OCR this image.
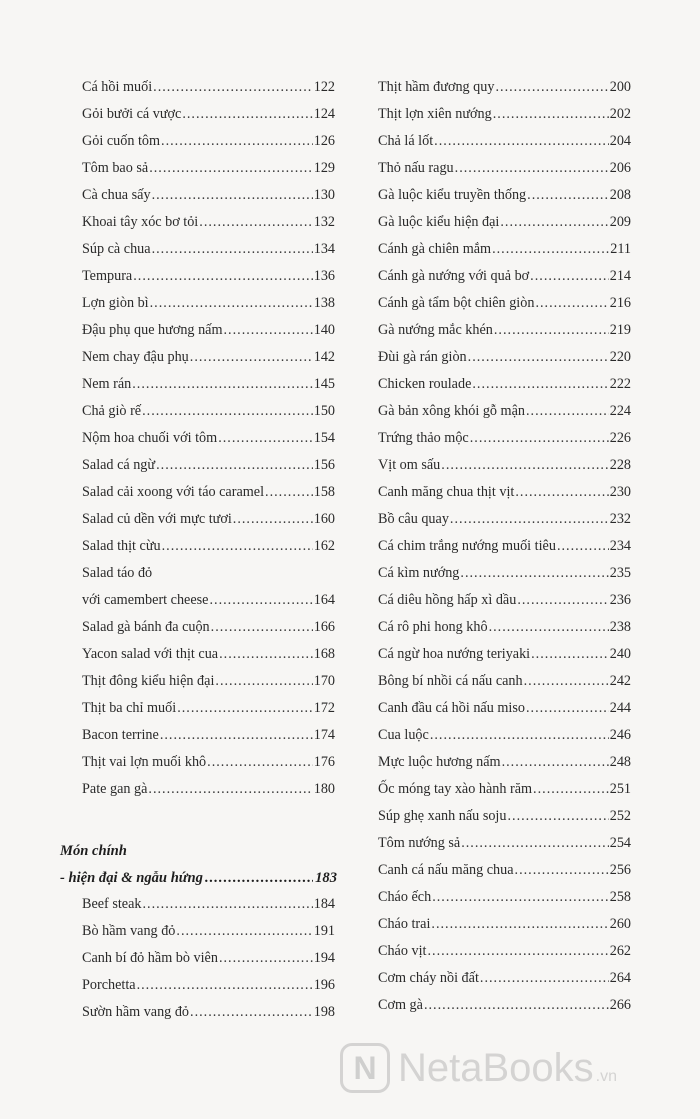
Cá hồi muối .....	122
Gỏi bưởi cá vược .....	124
Gỏi cuốn tôm .....	126
Tôm bao sả .....	129
Cà chua sấy .....	130
Khoai tây xóc bơ tỏi .....	132
Súp cà chua .....	134
Tempura .....	136
Lợn giòn bì .....	138
Đậu phụ que hương nấm .....	140
Nem chay đậu phụ .....	142
Nem rán .....	145
Chả giò rế .....	150
Nộm hoa chuối với tôm .....	154
Salad cá ngừ .....	156
Salad cải xoong với táo caramel .....	158
Salad củ dền với mực tươi .....	160
Salad thịt cừu .....	162
Salad táo đỏ
với camembert cheese .....	164
Salad gà bánh đa cuộn .....	166
Yacon salad với thịt cua .....	168
Thịt đông kiểu hiện đại .....	170
Thịt ba chỉ muối .....	172
Bacon terrine .....	174
Thịt vai lợn muối khô .....	176
Pate gan gà .....	180
Món chính
- hiện đại & ngẫu hứng .....	183
Beef steak .....	184
Bò hầm vang đỏ .....	191
Canh bí đỏ hầm bò viên .....	194
Porchetta .....	196
Sườn hầm vang đỏ .....	198
Thịt hầm đương quy .....	200
Thịt lợn xiên nướng .....	202
Chả lá lốt .....	204
Thỏ nấu ragu .....	206
Gà luộc kiểu truyền thống .....	208
Gà luộc kiểu hiện đại .....	209
Cánh gà chiên mắm .....	211
Cánh gà nướng với quả bơ .....	214
Cánh gà tẩm bột chiên giòn .....	216
Gà nướng mắc khén .....	219
Đùi gà rán giòn .....	220
Chicken roulade .....	222
Gà bản xông khói gỗ mận .....	224
Trứng thảo mộc .....	226
Vịt om sấu .....	228
Canh măng chua thịt vịt .....	230
Bồ câu quay .....	232
Cá chim trắng nướng muối tiêu .....	234
Cá kìm nướng .....	235
Cá diêu hồng hấp xì dầu .....	236
Cá rô phi hong khô .....	238
Cá ngừ hoa nướng teriyaki .....	240
Bông bí nhồi cá nấu canh .....	242
Canh đầu cá hồi nấu miso .....	244
Cua luộc .....	246
Mực luộc hương nấm .....	248
Ốc móng tay xào hành răm .....	251
Súp ghẹ xanh nấu soju .....	252
Tôm nướng sả .....	254
Canh cá nấu măng chua .....	256
Cháo ếch .....	258
Cháo trai .....	260
Cháo vịt .....	262
Cơm cháy nồi đất .....	264
Cơm gà .....	266
N NetaBooks .vn
